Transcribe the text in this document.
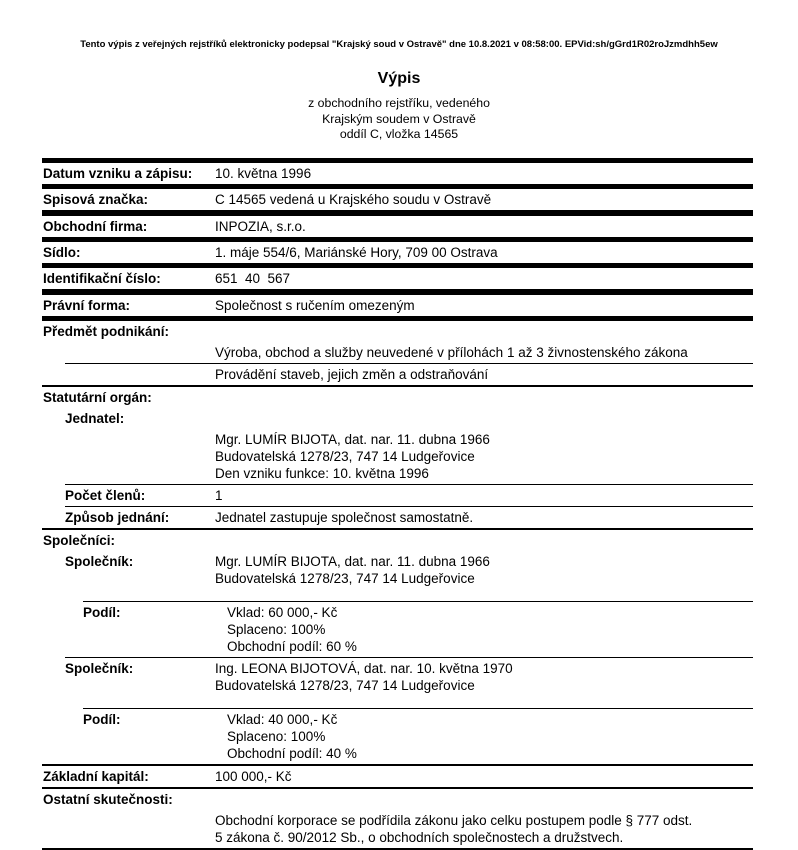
Tento výpis z veřejných rejstříků elektronicky podepsal "Krajský soud v Ostravě" dne 10.8.2021 v 08:58:00. EPVid:sh/gGrd1R02roJzmdhh5ew
Výpis
z obchodního rejstříku, vedeného
Krajským soudem v Ostravě
oddíl C, vložka 14565
Datum vzniku a zápisu:	10. května 1996
Spisová značka:	C 14565 vedená u Krajského soudu v Ostravě
Obchodní firma:	INPOZIA, s.r.o.
Sídlo:	1. máje 554/6, Mariánské Hory, 709 00 Ostrava
Identifikační číslo:	651  40  567
Právní forma:	Společnost s ručením omezeným
Předmět podnikání:
Výroba, obchod a služby neuvedené v přílohách 1 až 3 živnostenského zákona
Provádění staveb, jejich změn a odstraňování
Statutární orgán:
Jednatel:
Mgr. LUMÍR BIJOTA, dat. nar. 11. dubna 1966
Budovatelská 1278/23, 747 14 Ludgeřovice
Den vzniku funkce: 10. května 1996
Počet členů:	1
Způsob jednání:	Jednatel zastupuje společnost samostatně.
Společníci:
Společník:	Mgr. LUMÍR BIJOTA, dat. nar. 11. dubna 1966
Budovatelská 1278/23, 747 14 Ludgeřovice
Podíl:	Vklad: 60 000,- Kč
Splaceno: 100%
Obchodní podíl: 60 %
Společník:	Ing. LEONA BIJOTOVÁ, dat. nar. 10. května 1970
Budovatelská 1278/23, 747 14 Ludgeřovice
Podíl:	Vklad: 40 000,- Kč
Splaceno: 100%
Obchodní podíl: 40 %
Základní kapitál:	100 000,- Kč
Ostatní skutečnosti:
Obchodní korporace se podřídila zákonu jako celku postupem podle § 777 odst.
5 zákona č. 90/2012 Sb., o obchodních společnostech a družstvech.
